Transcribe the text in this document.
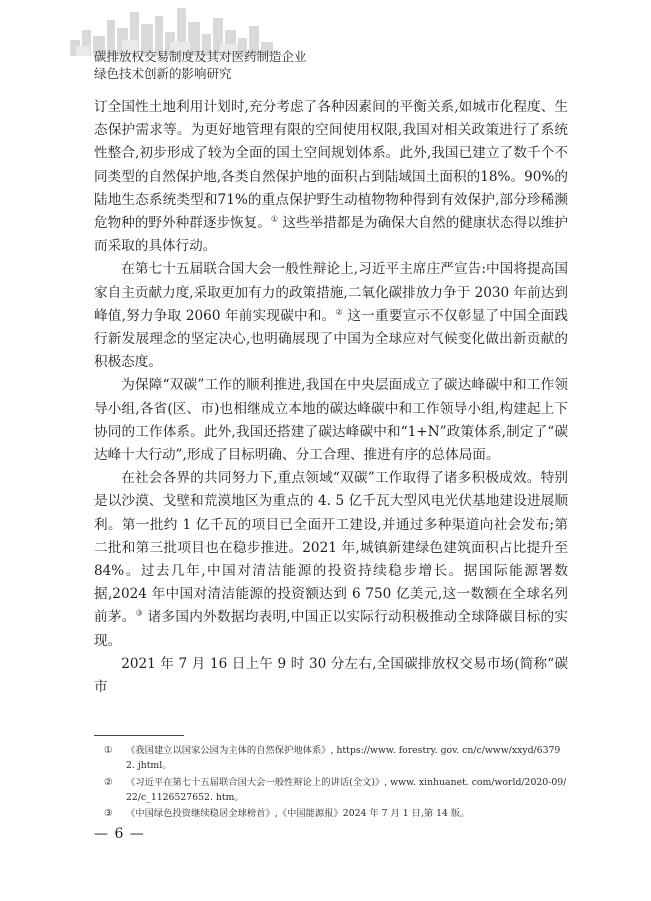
碳排放权交易制度及其对医药制造企业
绿色技术创新的影响研究

订全国性土地利用计划时,充分考虑了各种因素间的平衡关系,如城市化程度、生态保护需求等。为更好地管理有限的空间使用权限,我国对相关政策进行了系统性整合,初步形成了较为全面的国土空间规划体系。此外,我国已建立了数千个不同类型的自然保护地,各类自然保护地的面积占到陆域国土面积的18%。90%的陆地生态系统类型和71%的重点保护野生动植物物种得到有效保护,部分珍稀濒危物种的野外种群逐步恢复。① 这些举措都是为确保大自然的健康状态得以维护而采取的具体行动。

在第七十五届联合国大会一般性辩论上,习近平主席庄严宣告:中国将提高国家自主贡献力度,采取更加有力的政策措施,二氧化碳排放力争于 2030 年前达到峰值,努力争取 2060 年前实现碳中和。② 这一重要宣示不仅彰显了中国全面践行新发展理念的坚定决心,也明确展现了中国为全球应对气候变化做出新贡献的积极态度。

为保障“双碳”工作的顺利推进,我国在中央层面成立了碳达峰碳中和工作领导小组,各省(区、市)也相继成立本地的碳达峰碳中和工作领导小组,构建起上下协同的工作体系。此外,我国还搭建了碳达峰碳中和“1+N”政策体系,制定了“碳达峰十大行动”,形成了目标明确、分工合理、推进有序的总体局面。

在社会各界的共同努力下,重点领域“双碳”工作取得了诸多积极成效。特别是以沙漠、戈壁和荒漠地区为重点的 4. 5 亿千瓦大型风电光伏基地建设进展顺利。第一批约 1 亿千瓦的项目已全面开工建设,并通过多种渠道向社会发布;第二批和第三批项目也在稳步推进。2021 年,城镇新建绿色建筑面积占比提升至 84%。过去几年,中国对清洁能源的投资持续稳步增长。据国际能源署数据,2024 年中国对清洁能源的投资额达到 6 750 亿美元,这一数额在全球名列前茅。③ 诸多国内外数据均表明,中国正以实际行动积极推动全球降碳目标的实现。

2021 年 7 月 16 日上午 9 时 30 分左右,全国碳排放权交易市场(简称“碳市

①	《我国建立以国家公园为主体的自然保护地体系》, https://www. forestry. gov. cn/c/www/xxyd/63792. jhtml。
②	《习近平在第七十五届联合国大会一般性辩论上的讲话(全文)》, www. xinhuanet. com/world/2020-09/22/c_1126527652. htm。
③	《中国绿色投资继续稳居全球榜首》,《中国能源报》2024 年 7 月 1 日,第 14 版。
— 6 —
